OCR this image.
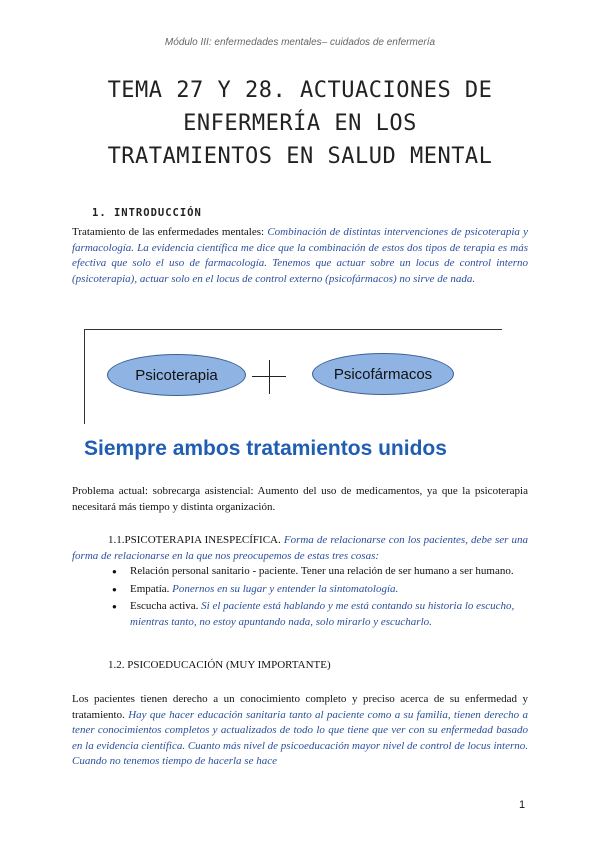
Módulo III: enfermedades mentales– cuidados de enfermería
TEMA 27 Y 28. ACTUACIONES DE
ENFERMERÍA EN LOS
TRATAMIENTOS EN SALUD MENTAL
1. INTRODUCCIÓN

Tratamiento de las enfermedades mentales: Combinación de distintas intervenciones de psicoterapia y farmacología. La evidencia científica me dice que la combinación de estos dos tipos de terapia es más efectiva que solo el uso de farmacología. Tenemos que actuar sobre un locus de control interno (psicoterapia), actuar solo en el locus de control externo (psicofármacos) no sirve de nada.

Psicoterapia	Psicofármacos
Siempre ambos tratamientos unidos

Problema actual: sobrecarga asistencial: Aumento del uso de medicamentos, ya que la psicoterapia necesitará más tiempo y distinta organización.

1.1.PSICOTERAPIA INESPECÍFICA. Forma de relacionarse con los pacientes, debe ser una forma de relacionarse en la que nos preocupemos de estas tres cosas:

● Relación personal sanitario - paciente. Tener una relación de ser humano a ser humano.
● Empatía. Ponernos en su lugar y entender la sintomatología.
● Escucha activa. Si el paciente está hablando y me está contando su historia lo escucho, mientras tanto, no estoy apuntando nada, solo mirarlo y escucharlo.
1.2. PSICOEDUCACIÓN (MUY IMPORTANTE)

Los pacientes tienen derecho a un conocimiento completo y preciso acerca de su enfermedad y tratamiento. Hay que hacer educación sanitaria tanto al paciente como a su familia, tienen derecho a tener conocimientos completos y actualizados de todo lo que tiene que ver con su enfermedad basado en la evidencia científica. Cuanto más nivel de psicoeducación mayor nivel de control de locus interno. Cuando no tenemos tiempo de hacerla se hace

1
